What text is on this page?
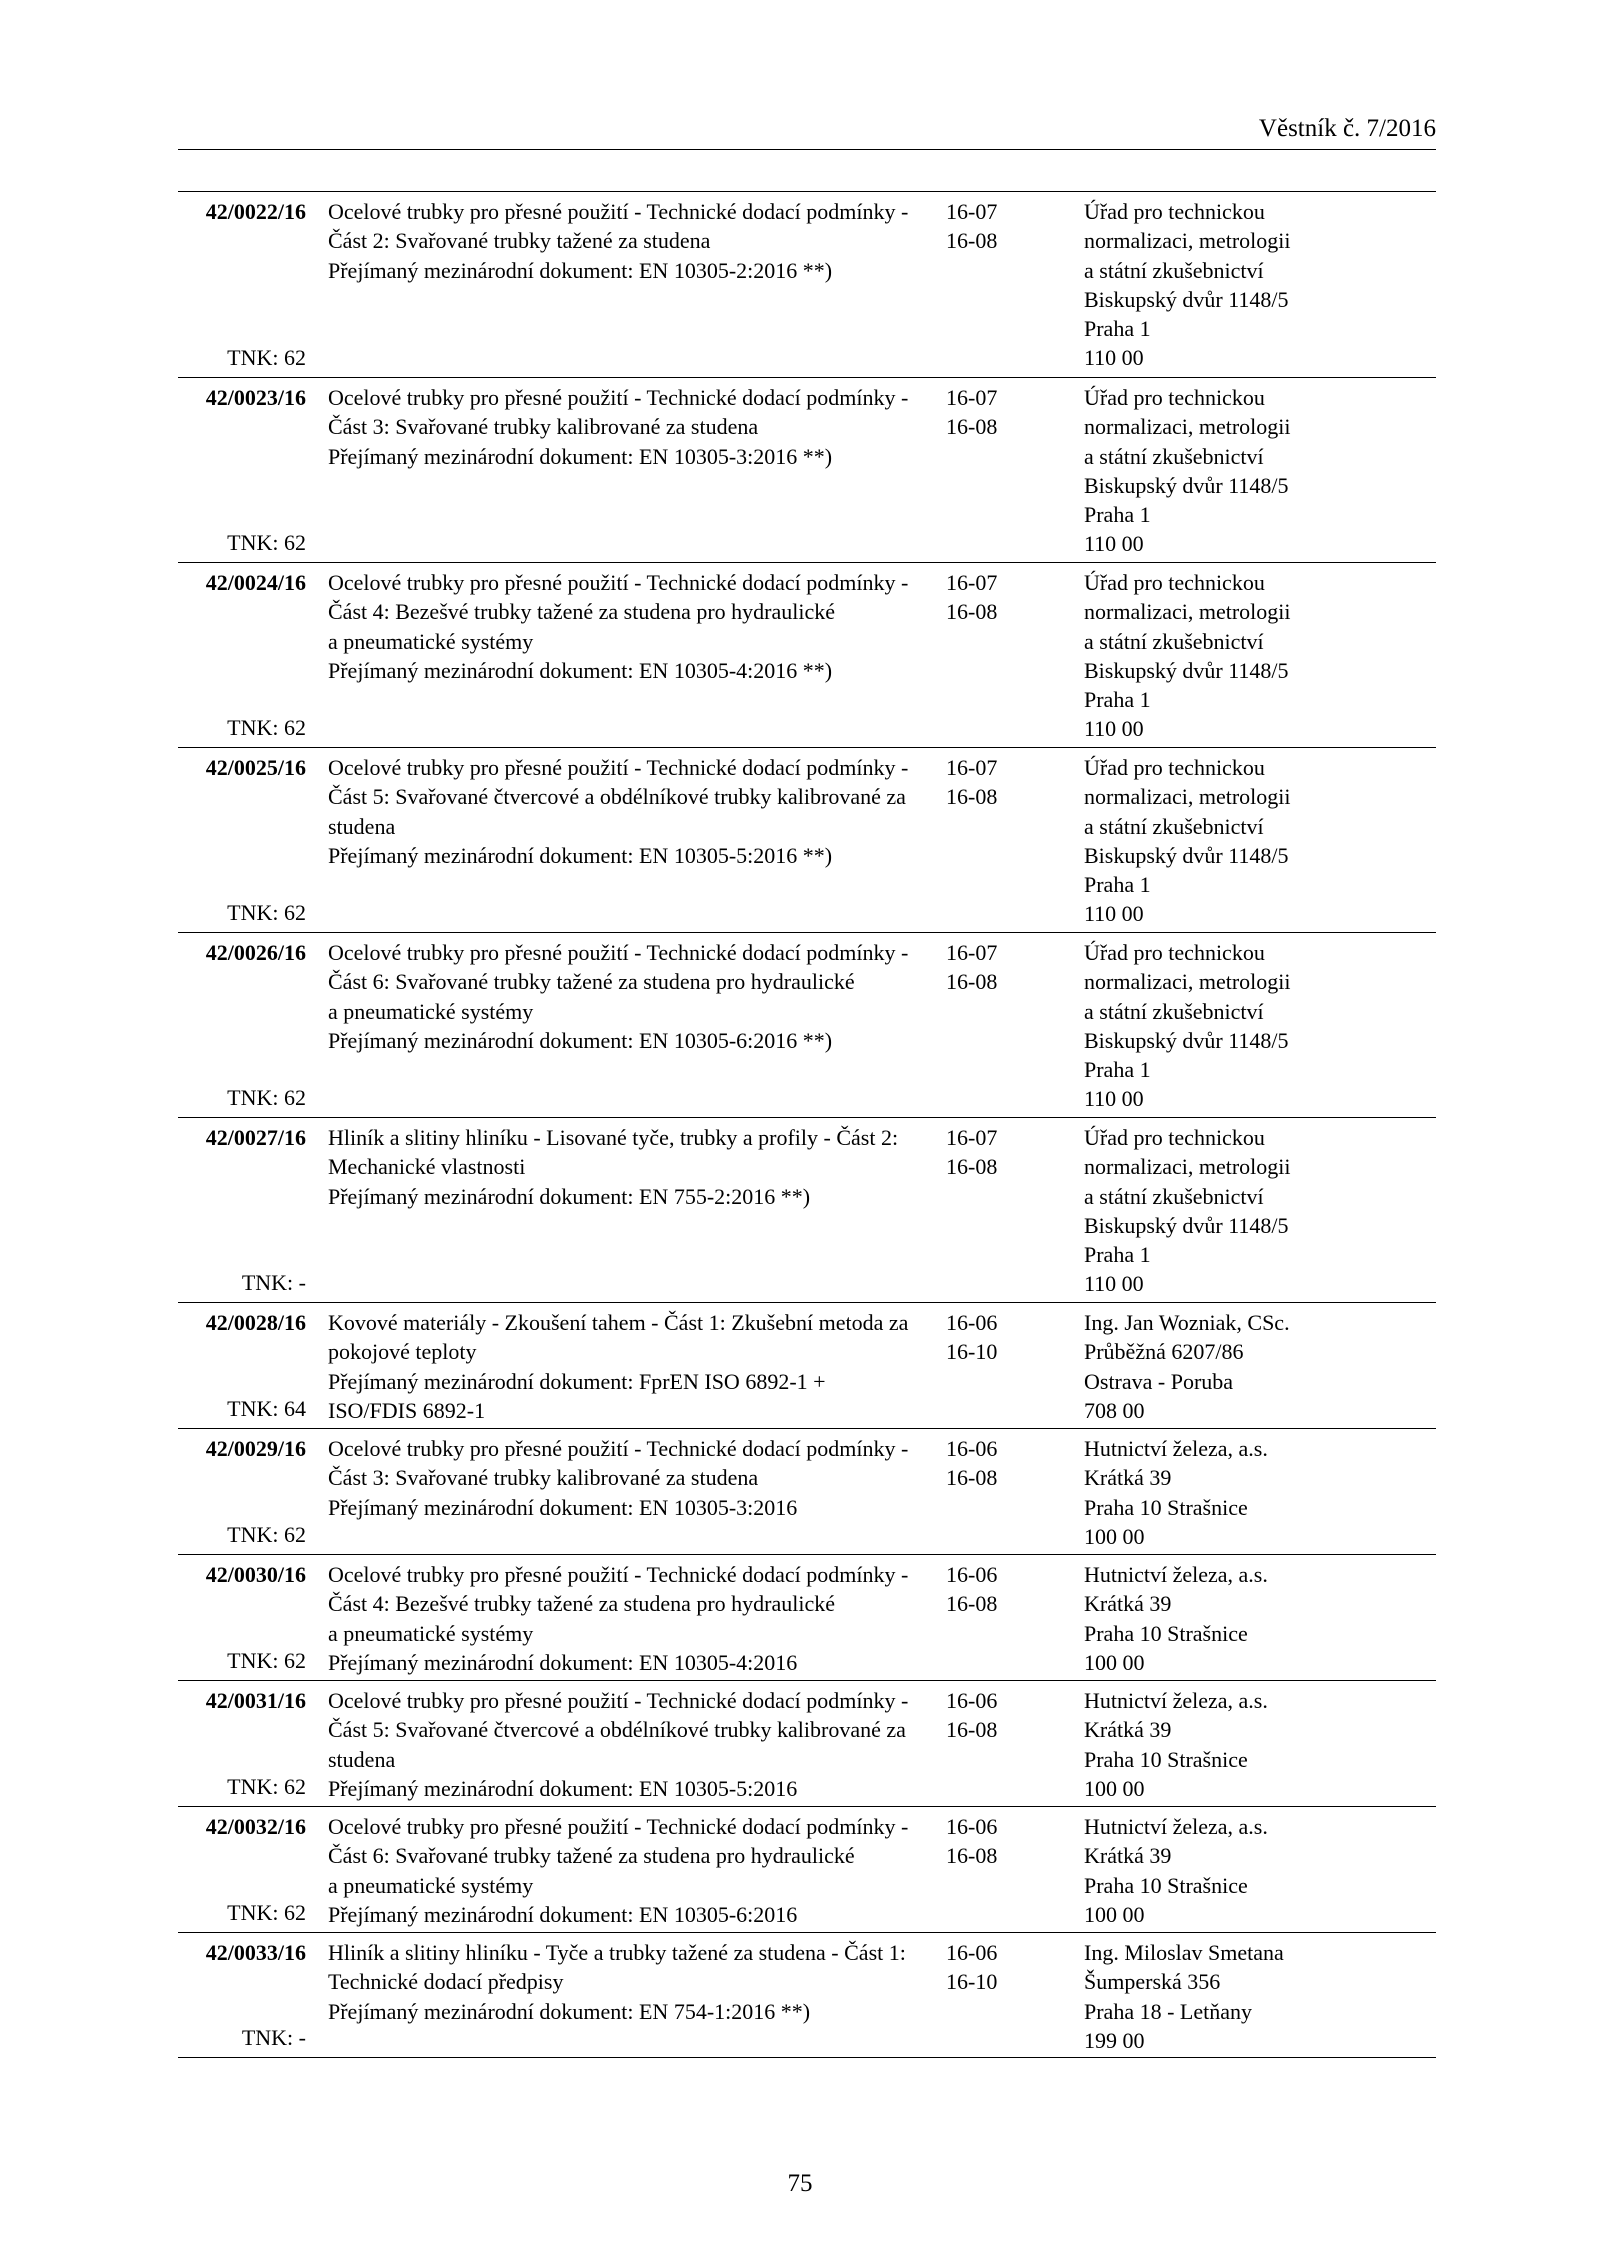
Věstník č. 7/2016
42/0022/16
TNK: 62
Ocelové trubky pro přesné použití - Technické dodací podmínky -
Část 2: Svařované trubky tažené za studena
Přejímaný mezinárodní dokument: EN 10305-2:2016 **)
16-07
16-08
Úřad pro technickou
normalizaci, metrologii
a státní zkušebnictví
Biskupský dvůr 1148/5
Praha 1
110 00
42/0023/16
TNK: 62
Ocelové trubky pro přesné použití - Technické dodací podmínky -
Část 3: Svařované trubky kalibrované za studena
Přejímaný mezinárodní dokument: EN 10305-3:2016 **)
16-07
16-08
Úřad pro technickou
normalizaci, metrologii
a státní zkušebnictví
Biskupský dvůr 1148/5
Praha 1
110 00
42/0024/16
TNK: 62
Ocelové trubky pro přesné použití - Technické dodací podmínky -
Část 4: Bezešvé trubky tažené za studena pro hydraulické
a pneumatické systémy
Přejímaný mezinárodní dokument: EN 10305-4:2016 **)
16-07
16-08
Úřad pro technickou
normalizaci, metrologii
a státní zkušebnictví
Biskupský dvůr 1148/5
Praha 1
110 00
42/0025/16
TNK: 62
Ocelové trubky pro přesné použití - Technické dodací podmínky -
Část 5: Svařované čtvercové a obdélníkové trubky kalibrované za
studena
Přejímaný mezinárodní dokument: EN 10305-5:2016 **)
16-07
16-08
Úřad pro technickou
normalizaci, metrologii
a státní zkušebnictví
Biskupský dvůr 1148/5
Praha 1
110 00
42/0026/16
TNK: 62
Ocelové trubky pro přesné použití - Technické dodací podmínky -
Část 6: Svařované trubky tažené za studena pro hydraulické
a pneumatické systémy
Přejímaný mezinárodní dokument: EN 10305-6:2016 **)
16-07
16-08
Úřad pro technickou
normalizaci, metrologii
a státní zkušebnictví
Biskupský dvůr 1148/5
Praha 1
110 00
42/0027/16
TNK: -
Hliník a slitiny hliníku - Lisované tyče, trubky a profily - Část 2:
Mechanické vlastnosti
Přejímaný mezinárodní dokument: EN 755-2:2016 **)
16-07
16-08
Úřad pro technickou
normalizaci, metrologii
a státní zkušebnictví
Biskupský dvůr 1148/5
Praha 1
110 00
42/0028/16
TNK: 64
Kovové materiály - Zkoušení tahem - Část 1: Zkušební metoda za
pokojové teploty
Přejímaný mezinárodní dokument: FprEN ISO 6892-1 +
ISO/FDIS 6892-1
16-06
16-10
Ing. Jan Wozniak, CSc.
Průběžná 6207/86
Ostrava - Poruba
708 00
42/0029/16
TNK: 62
Ocelové trubky pro přesné použití - Technické dodací podmínky -
Část 3: Svařované trubky kalibrované za studena
Přejímaný mezinárodní dokument: EN 10305-3:2016
16-06
16-08
Hutnictví železa, a.s.
Krátká 39
Praha 10 Strašnice
100 00
42/0030/16
TNK: 62
Ocelové trubky pro přesné použití - Technické dodací podmínky -
Část 4: Bezešvé trubky tažené za studena pro hydraulické
a pneumatické systémy
Přejímaný mezinárodní dokument: EN 10305-4:2016
16-06
16-08
Hutnictví železa, a.s.
Krátká 39
Praha 10 Strašnice
100 00
42/0031/16
TNK: 62
Ocelové trubky pro přesné použití - Technické dodací podmínky -
Část 5: Svařované čtvercové a obdélníkové trubky kalibrované za
studena
Přejímaný mezinárodní dokument: EN 10305-5:2016
16-06
16-08
Hutnictví železa, a.s.
Krátká 39
Praha 10 Strašnice
100 00
42/0032/16
TNK: 62
Ocelové trubky pro přesné použití - Technické dodací podmínky -
Část 6: Svařované trubky tažené za studena pro hydraulické
a pneumatické systémy
Přejímaný mezinárodní dokument: EN 10305-6:2016
16-06
16-08
Hutnictví železa, a.s.
Krátká 39
Praha 10 Strašnice
100 00
42/0033/16
TNK: -
Hliník a slitiny hliníku - Tyče a trubky tažené za studena - Část 1:
Technické dodací předpisy
Přejímaný mezinárodní dokument: EN 754-1:2016 **)
16-06
16-10
Ing. Miloslav Smetana
Šumperská 356
Praha 18 - Letňany
199 00
75
